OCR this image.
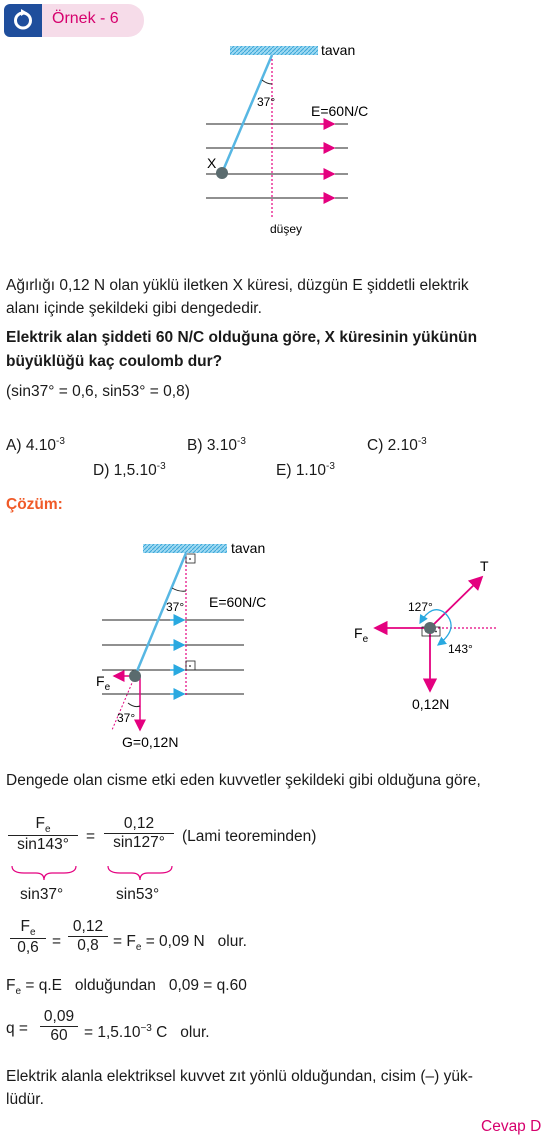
Örnek - 6
tavan
37°
E=60N/C
X
düşey
Ağırlığı 0,12 N olan yüklü iletken X küresi, düzgün E şiddetli elektrik
alanı içinde şekildeki gibi dengededir.
Elektrik alan şiddeti 60 N/C olduğuna göre, X küresinin yükünün
büyüklüğü kaç coulomb dur?
(sin37° = 0,6, sin53° = 0,8)
A) $4.10^{-3}$	B) $3.10^{-3}$	C) $2.10^{-3}$
D) $1,5.10^{-3}$	E) $1.10^{-3}$
Çözüm:
tavan
37° E=60N/C
$F_e$
37°
G=0,12N
T
$F_e$
0,12N
127°
143°
Dengede olan cisme etki eden kuvvetler şekildeki gibi olduğuna göre,
$\frac{F_e}{\sin 143^\circ} = \frac{0,12}{\sin 127^\circ}$ (Lami teoreminden)
sin37°	sin53°
$\frac{F_e}{0,6} = \frac{0,12}{0,8} = F_e = 0,09$ N   olur.
$F_e = q.E$   olduğundan   0,09 = q.60
$q = \frac{0,09}{60} = 1,5.10^{-3}$ C   olur.
Elektrik alanla elektriksel kuvvet zıt yönlü olduğundan, cisim (–) yük-
lüdür.
Cevap D
